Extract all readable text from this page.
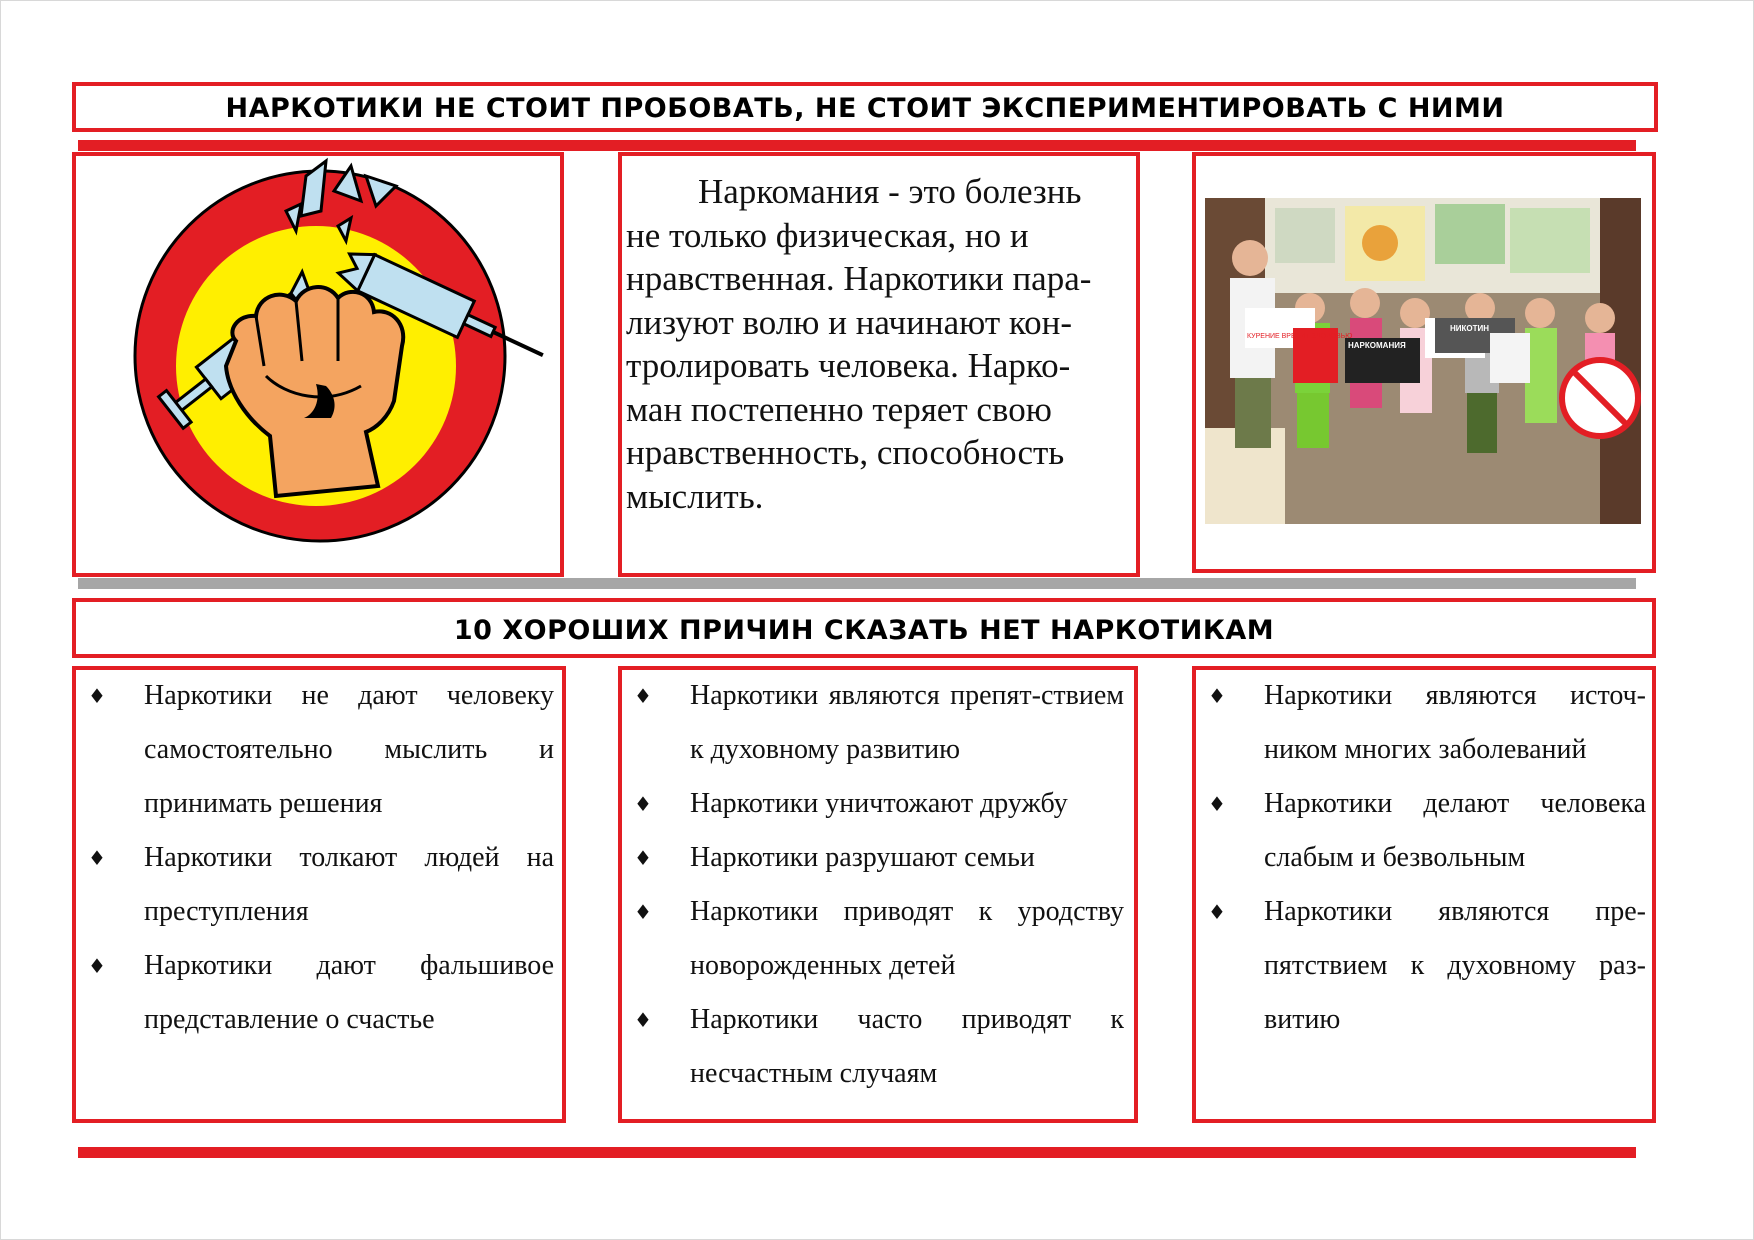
НАРКОТИКИ НЕ СТОИТ ПРОБОВАТЬ, НЕ СТОИТ ЭКСПЕРИМЕНТИРОВАТЬ С НИМИ

Наркомания - это болезнь
не только физическая, но и
нравственная. Наркотики пара-
лизуют волю и начинают кон-
тролировать человека. Нарко-
ман постепенно теряет свою
нравственность, способность
мыслить.

КУРЕНИЕ ВРЕДИТ ЗДОРОВЬЮ
НАРКОМАНИЯ
НИКОТИН
10 ХОРОШИХ ПРИЧИН СКАЗАТЬ НЕТ НАРКОТИКАМ
♦ Наркотики не дают человеку самостоятельно мыслить и принимать решения
♦ Наркотики толкают людей на преступления
♦ Наркотики дают фальшивое представление о счастье
♦ Наркотики являются препят-ствием к духовному развитию
♦ Наркотики уничтожают дружбу
♦ Наркотики разрушают семьи
♦ Наркотики приводят к уродству новорожденных детей
♦ Наркотики часто приводят к несчастным случаям
♦ Наркотики являются источ-ником многих заболеваний
♦ Наркотики делают человека слабым и безвольным
♦ Наркотики являются пре-пятствием к духовному раз-витию
